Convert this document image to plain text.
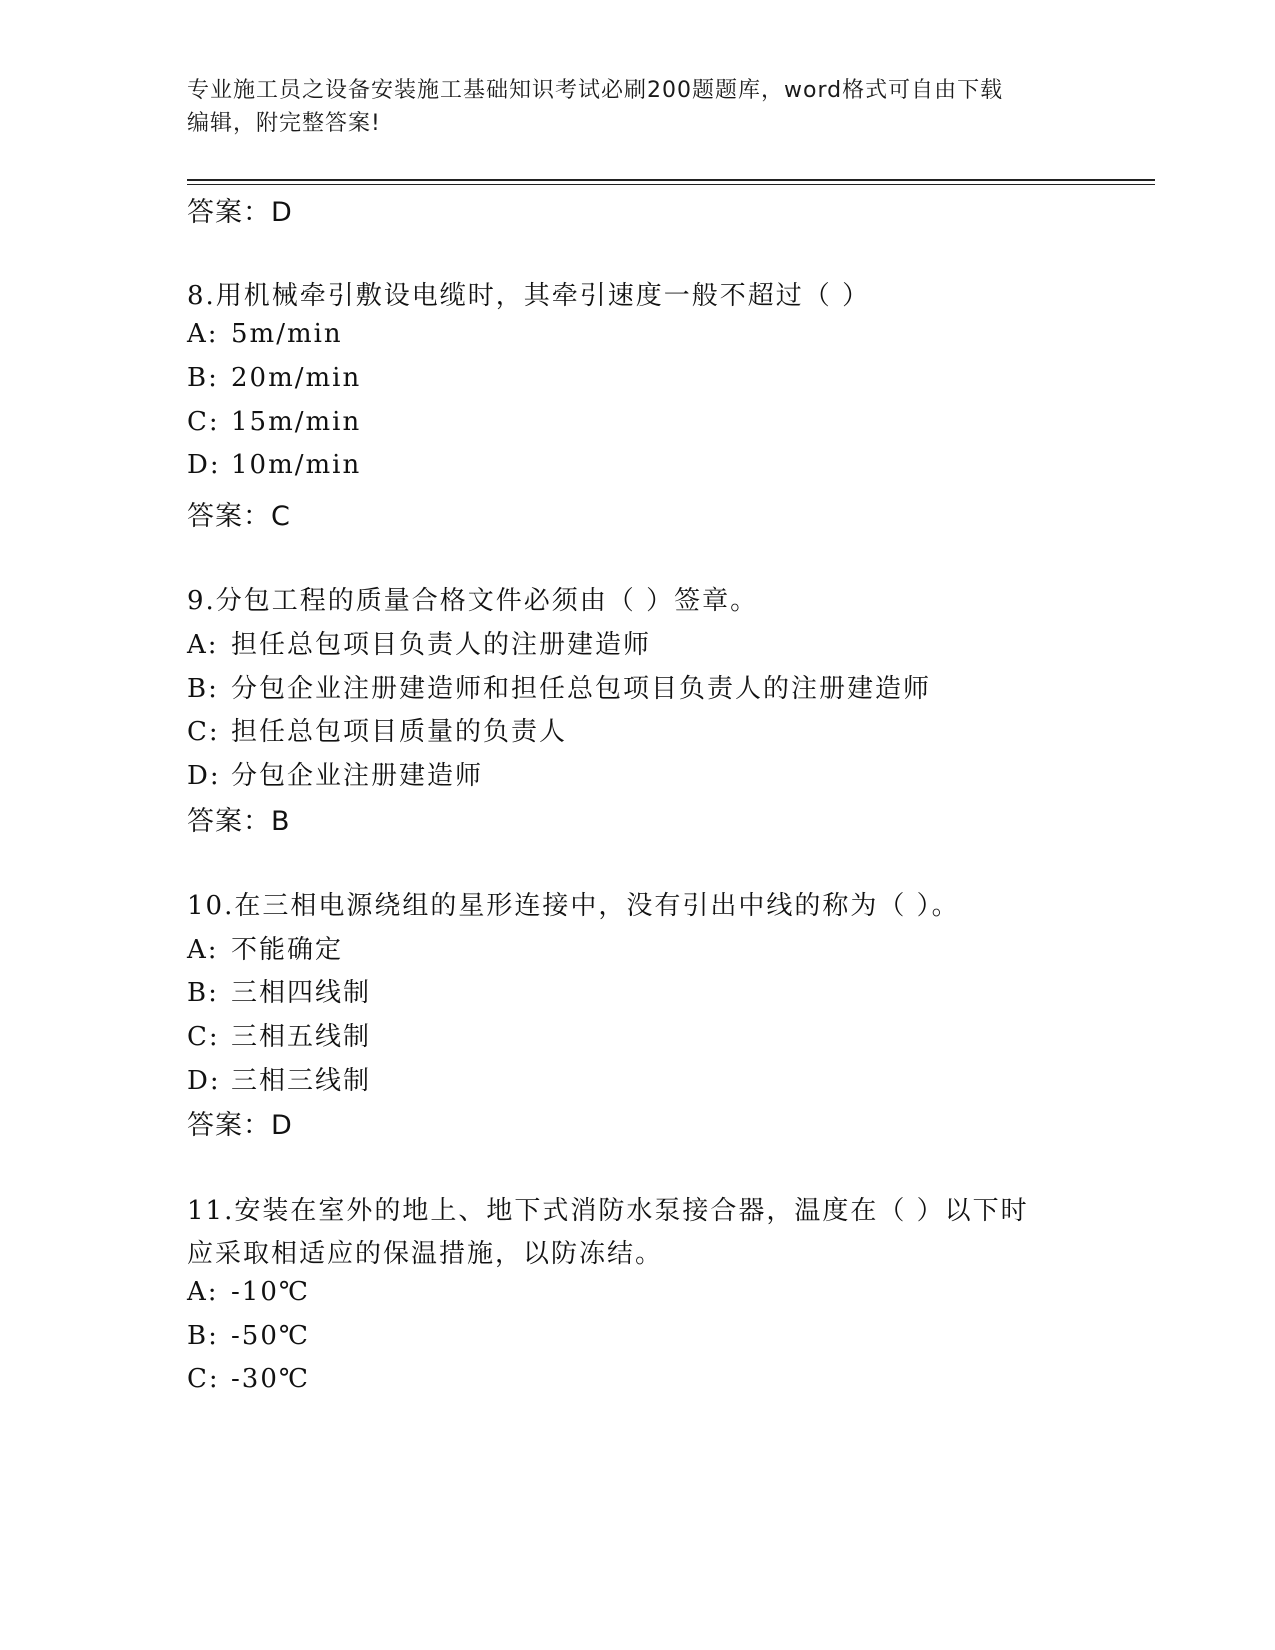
专业施工员之设备安装施工基础知识考试必刷200题题库，word格式可自由下载
编辑，附完整答案!
答案：D
8.用机械牵引敷设电缆时，其牵引速度一般不超过（ ）
A: 5m/min
B: 20m/min
C: 15m/min
D: 10m/min
答案：C
9.分包工程的质量合格文件必须由（ ）签章。
A: 担任总包项目负责人的注册建造师
B: 分包企业注册建造师和担任总包项目负责人的注册建造师
C: 担任总包项目质量的负责人
D: 分包企业注册建造师
答案：B
10.在三相电源绕组的星形连接中，没有引出中线的称为（ ）。
A: 不能确定
B: 三相四线制
C: 三相五线制
D: 三相三线制
答案：D
11.安装在室外的地上、地下式消防水泵接合器，温度在（ ）以下时
应采取相适应的保温措施，以防冻结。
A: -10℃
B: -50℃
C: -30℃
